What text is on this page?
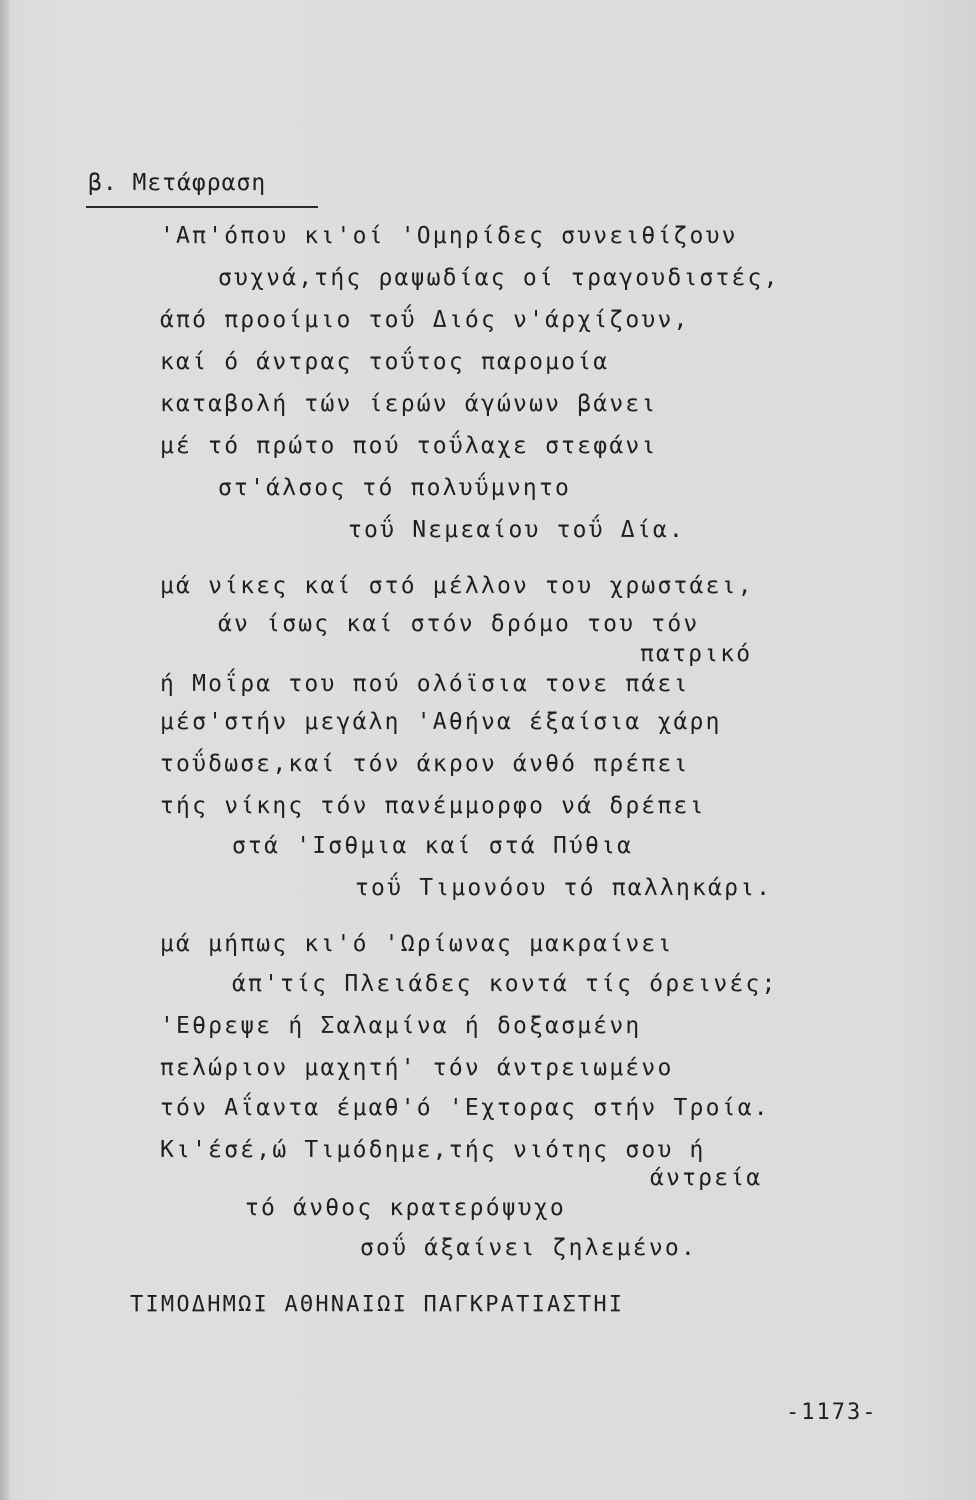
β. Μετάφραση
'Απ'όπου κι'οί 'Ομηρίδες συνειθίζουν
συχνά,τής ραψωδίας οί τραγουδιστές,
άπό προοίμιο τοΰ Διός ν'άρχίζουν,
καί ό άντρας τοΰτος παρομοία
καταβολή τών ίερών άγώνων βάνει
μέ τό πρώτο πού τοΰλαχε στεφάνι
στ'άλσος τό πολυΰμνητο
τοΰ Νεμεαίου τοΰ Δία.
μά νίκες καί στό μέλλον του χρωστάει,
άν ίσως καί στόν δρόμο του τόν
πατρικό
ή Μοΐρα του πού ολόϊσια τονε πάει
μέσ'στήν μεγάλη 'Αθήνα έξαίσια χάρη
τοΰδωσε,καί τόν άκρον άνθό πρέπει
τής νίκης τόν πανέμμορφο νά δρέπει
στά 'Ισθμια καί στά Πύθια
τοΰ Τιμονόου τό παλληκάρι.
μά μήπως κι'ό 'Ωρίωνας μακραίνει
άπ'τίς Πλειάδες κοντά τίς όρεινές;
'Εθρεψε ή Σαλαμίνα ή δοξασμένη
πελώριον μαχητή' τόν άντρειωμένο
τόν Αΐαντα έμαθ'ό 'Εχτορας στήν Τροία.
Κι'έσέ,ώ Τιμόδημε,τής νιότης σου ή
άντρεία
τό άνθος κρατερόψυχο
σοΰ άξαίνει ζηλεμένο.
ΤΙΜΟΔΗΜΩΙ ΑΘΗΝΑΙΩΙ ΠΑΓΚΡΑΤΙΑΣΤΗΙ
-1173-
